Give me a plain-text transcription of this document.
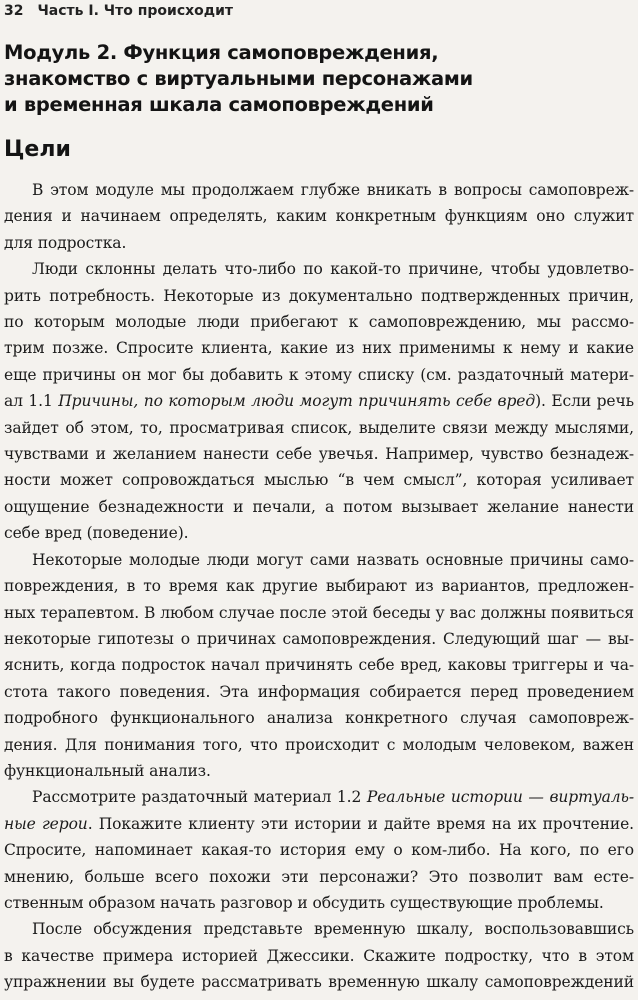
32 Часть I. Что происходит
Модуль 2. Функция самоповреждения,
знакомство с виртуальными персонажами
и временная шкала самоповреждений
Цели

В этом модуле мы продолжаем глубже вникать в вопросы самоповреж-
дения и начинаем определять, каким конкретным функциям оно служит
для подростка.

Люди склонны делать что-либо по какой-то причине, чтобы удовлетво-
рить потребность. Некоторые из документально подтвержденных причин,
по которым молодые люди прибегают к самоповреждению, мы рассмо-
трим позже. Спросите клиента, какие из них применимы к нему и какие
еще причины он мог бы добавить к этому списку (см. раздаточный матери-
ал 1.1 Причины, по которым люди могут причинять себе вред). Если речь
зайдет об этом, то, просматривая список, выделите связи между мыслями,
чувствами и желанием нанести себе увечья. Например, чувство безнадеж-
ности может сопровождаться мыслью “в чем смысл”, которая усиливает
ощущение безнадежности и печали, а потом вызывает желание нанести
себе вред (поведение).

Некоторые молодые люди могут сами назвать основные причины само-
повреждения, в то время как другие выбирают из вариантов, предложен-
ных терапевтом. В любом случае после этой беседы у вас должны появиться
некоторые гипотезы о причинах самоповреждения. Следующий шаг — вы-
яснить, когда подросток начал причинять себе вред, каковы триггеры и ча-
стота такого поведения. Эта информация собирается перед проведением
подробного функционального анализа конкретного случая самоповреж-
дения. Для понимания того, что происходит с молодым человеком, важен
функциональный анализ.

Рассмотрите раздаточный материал 1.2 Реальные истории — виртуаль-
ные герои. Покажите клиенту эти истории и дайте время на их прочтение.
Спросите, напоминает какая-то история ему о ком-либо. На кого, по его
мнению, больше всего похожи эти персонажи? Это позволит вам есте-
ственным образом начать разговор и обсудить существующие проблемы.

После обсуждения представьте временную шкалу, воспользовавшись
в качестве примера историей Джессики. Скажите подростку, что в этом
упражнении вы будете рассматривать временную шкалу самоповреждений
